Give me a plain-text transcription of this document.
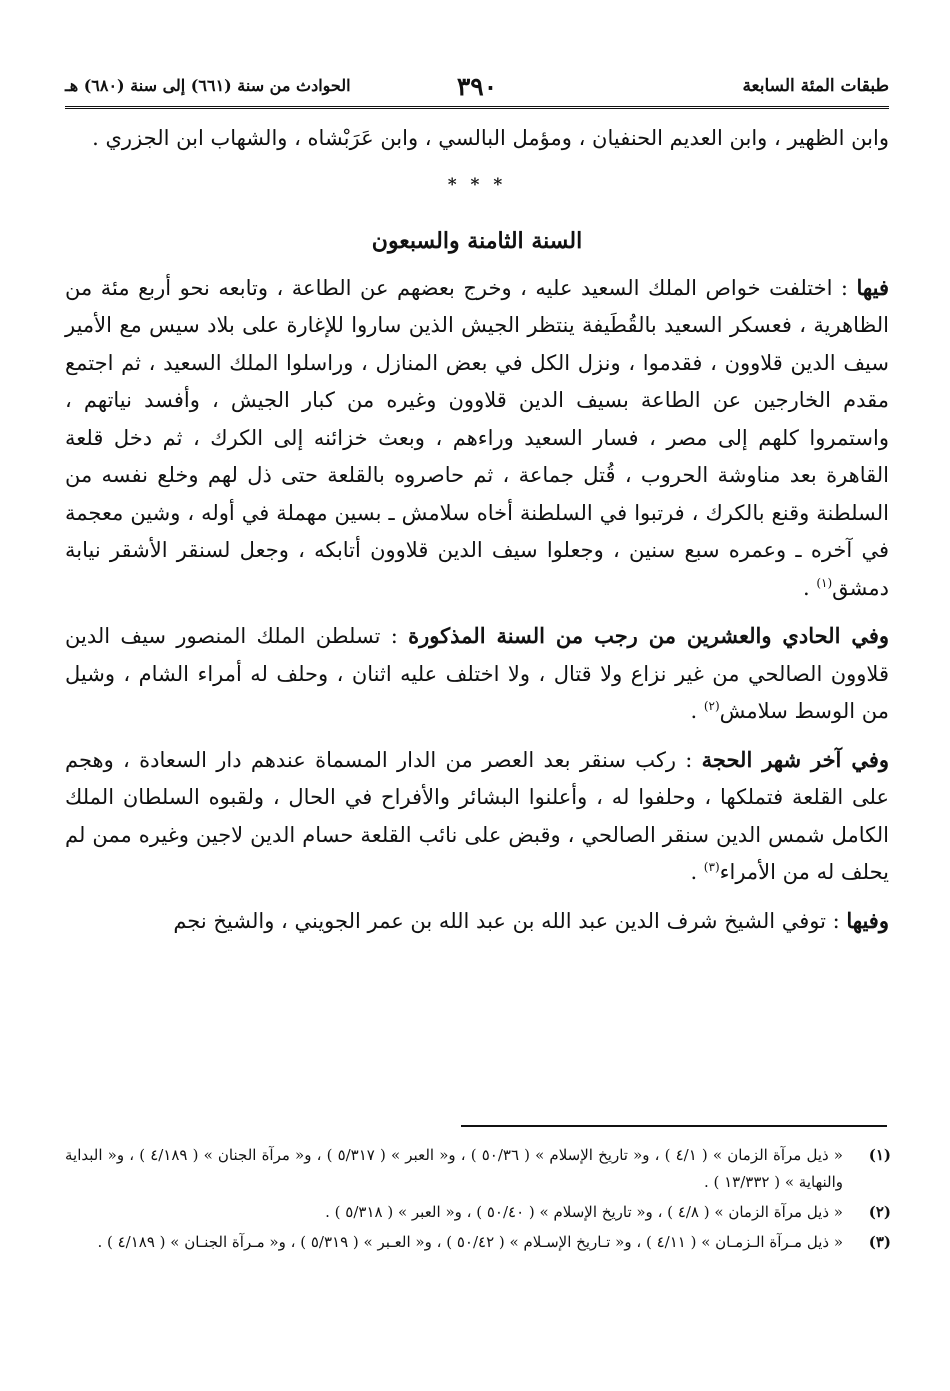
طبقات المئة السابعة
٣٩٠
الحوادث من سنة (٦٦١) إلى سنة (٦٨٠) هـ

وابن الظهير ، وابن العديم الحنفيان ، ومؤمل البالسي ، وابن عَرَبْشاه ، والشهاب ابن الجزري .

* * *

السنة الثامنة والسبعون

فيها : اختلفت خواص الملك السعيد عليه ، وخرج بعضهم عن الطاعة ، وتابعه نحو أربع مئة من الظاهرية ، فعسكر السعيد بالقُطَيفة ينتظر الجيش الذين ساروا للإغارة على بلاد سيس مع الأمير سيف الدين قلاوون ، فقدموا ، ونزل الكل في بعض المنازل ، وراسلوا الملك السعيد ، ثم اجتمع مقدم الخارجين عن الطاعة بسيف الدين قلاوون وغيره من كبار الجيش ، وأفسد نياتهم ، واستمروا كلهم إلى مصر ، فسار السعيد وراءهم ، وبعث خزائنه إلى الكرك ، ثم دخل قلعة القاهرة بعد مناوشة الحروب ، قُتل جماعة ، ثم حاصروه بالقلعة حتى ذل لهم وخلع نفسه من السلطنة وقنع بالكرك ، فرتبوا في السلطنة أخاه سلامش ـ بسين مهملة في أوله ، وشين معجمة في آخره ـ وعمره سبع سنين ، وجعلوا سيف الدين قلاوون أتابكه ، وجعل لسنقر الأشقر نيابة دمشق$^{(١)}$ .

وفي الحادي والعشرين من رجب من السنة المذكورة : تسلطن الملك المنصور سيف الدين قلاوون الصالحي من غير نزاع ولا قتال ، ولا اختلف عليه اثنان ، وحلف له أمراء الشام ، وشيل من الوسط سلامش$^{(٢)}$ .

وفي آخر شهر الحجة : ركب سنقر بعد العصر من الدار المسماة عندهم دار السعادة ، وهجم على القلعة فتملكها ، وحلفوا له ، وأعلنوا البشائر والأفراح في الحال ، ولقبوه السلطان الملك الكامل شمس الدين سنقر الصالحي ، وقبض على نائب القلعة حسام الدين لاجين وغيره ممن لم يحلف له من الأمراء$^{(٣)}$ .

وفيها : توفي الشيخ شرف الدين عبد الله بن عبد الله بن عمر الجويني ، والشيخ نجم

(١)
« ذيل مرآة الزمان » ( ٤/١ ) ، و« تاريخ الإسلام » ( ٥٠/٣٦ ) ، و« العبر » ( ٥/٣١٧ ) ، و« مرآة الجنان » ( ٤/١٨٩ ) ، و« البداية والنهاية » ( ١٣/٣٣٢ ) .
(٢)
« ذيل مرآة الزمان » ( ٤/٨ ) ، و« تاريخ الإسلام » ( ٥٠/٤٠ ) ، و« العبر » ( ٥/٣١٨ ) .
(٣)
« ذيل مـرآة الـزمـان » ( ٤/١١ ) ، و« تـاريخ الإسـلام » ( ٥٠/٤٢ ) ، و« العـبر » ( ٥/٣١٩ ) ، و« مـرآة الجنـان » ( ٤/١٨٩ ) .
